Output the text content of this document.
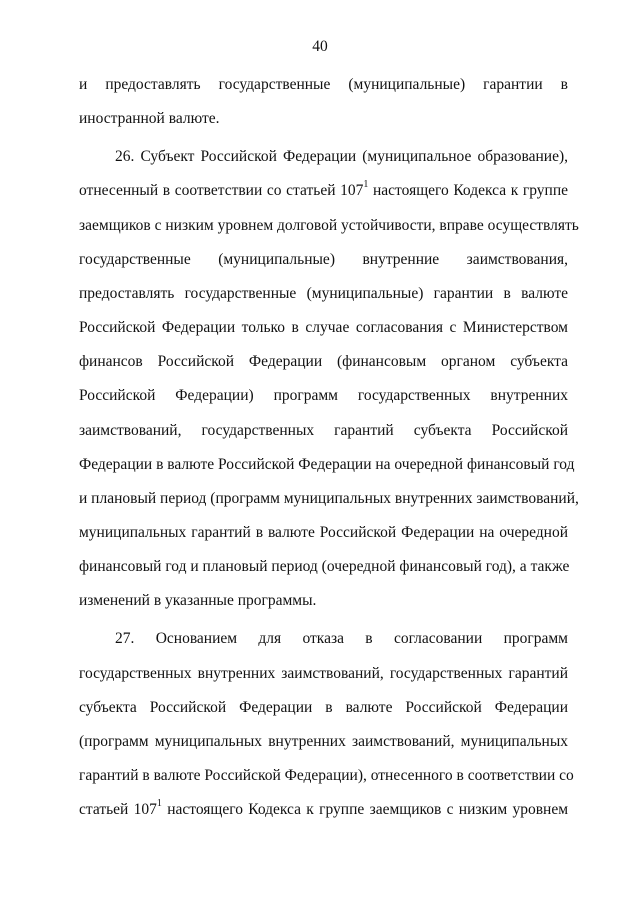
40
и предоставлять государственные (муниципальные) гарантии в
иностранной валюте.
26. Субъект Российской Федерации (муниципальное образование),
отнесенный в соответствии со статьей $107^1$ настоящего Кодекса к группе
заемщиков с низким уровнем долговой устойчивости, вправе осуществлять
государственные (муниципальные) внутренние заимствования,
предоставлять государственные (муниципальные) гарантии в валюте
Российской Федерации только в случае согласования с Министерством
финансов Российской Федерации (финансовым органом субъекта
Российской Федерации) программ государственных внутренних
заимствований, государственных гарантий субъекта Российской
Федерации в валюте Российской Федерации на очередной финансовый год
и плановый период (программ муниципальных внутренних заимствований,
муниципальных гарантий в валюте Российской Федерации на очередной
финансовый год и плановый период (очередной финансовый год), а также
изменений в указанные программы.
27. Основанием для отказа в согласовании программ
государственных внутренних заимствований, государственных гарантий
субъекта Российской Федерации в валюте Российской Федерации
(программ муниципальных внутренних заимствований, муниципальных
гарантий в валюте Российской Федерации), отнесенного в соответствии со
статьей $107^1$ настоящего Кодекса к группе заемщиков с низким уровнем
